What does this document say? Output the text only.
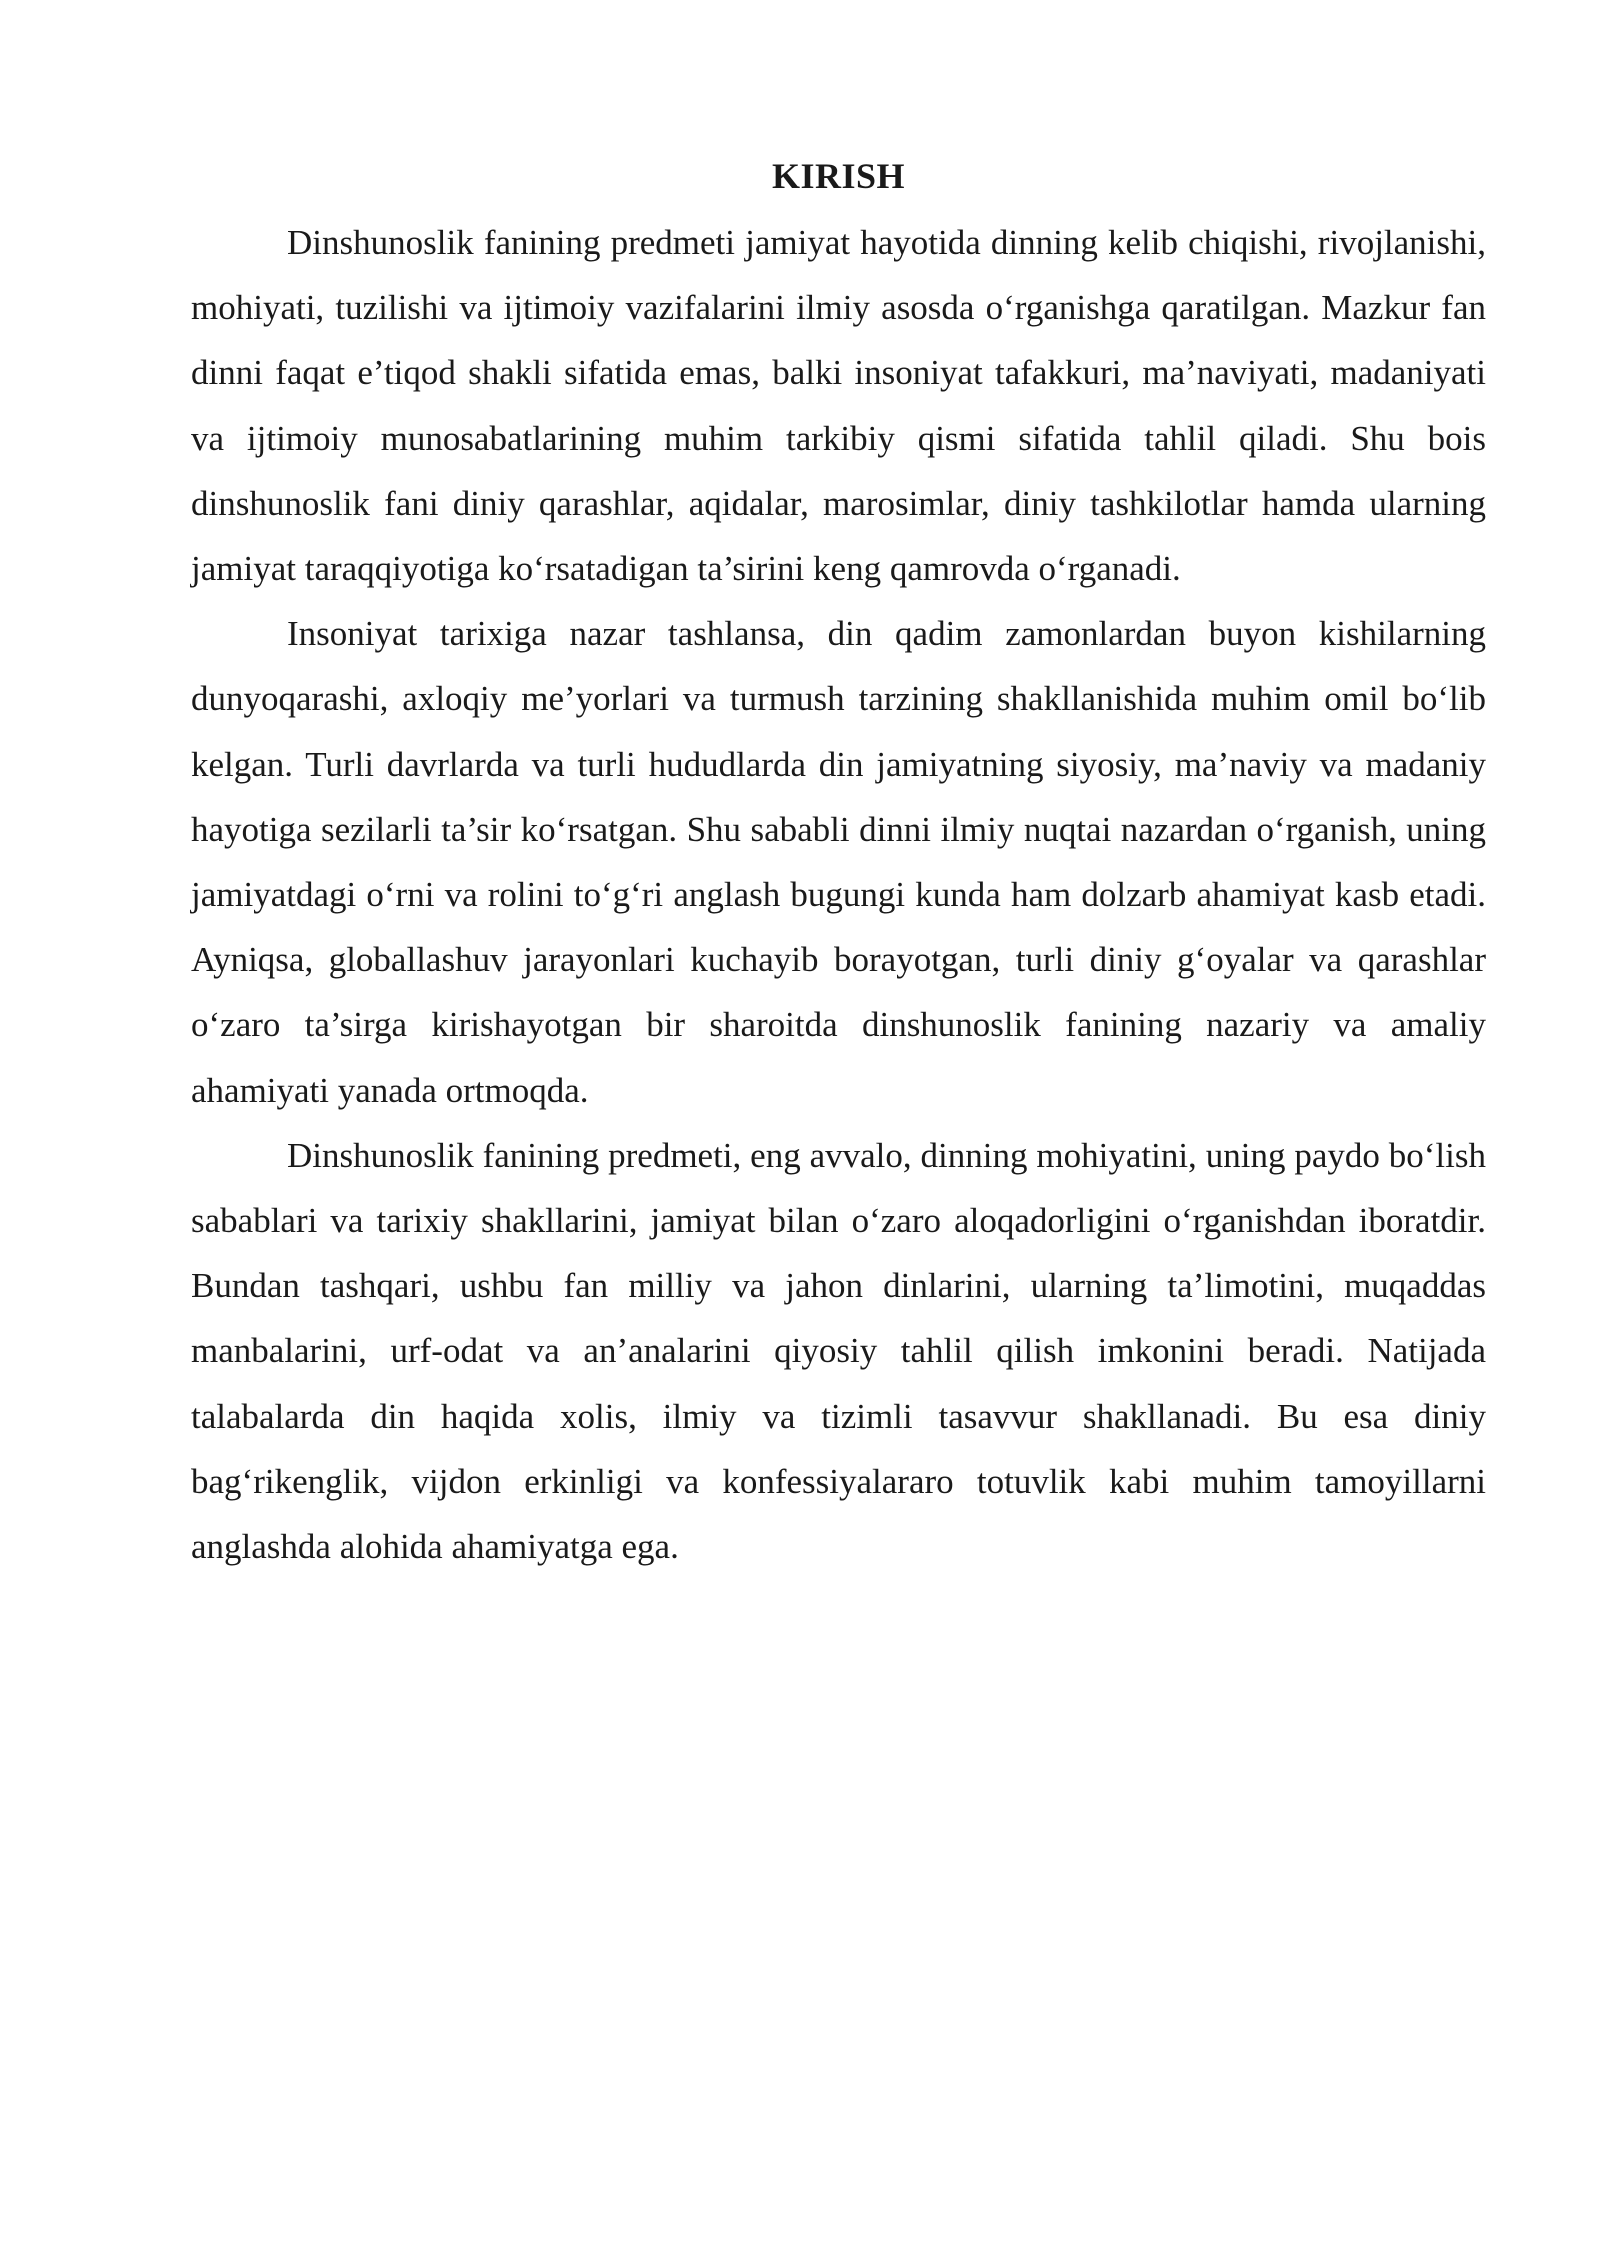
KIRISH

Dinshunoslik fanining predmeti jamiyat hayotida dinning kelib chiqishi, rivojlanishi, mohiyati, tuzilishi va ijtimoiy vazifalarini ilmiy asosda o‘rganishga qaratilgan. Mazkur fan dinni faqat e’tiqod shakli sifatida emas, balki insoniyat tafakkuri, ma’naviyati, madaniyati va ijtimoiy munosabatlarining muhim tarkibiy qismi sifatida tahlil qiladi. Shu bois dinshunoslik fani diniy qarashlar, aqidalar, marosimlar, diniy tashkilotlar hamda ularning jamiyat taraqqiyotiga ko‘rsatadigan ta’sirini keng qamrovda o‘rganadi.

Insoniyat tarixiga nazar tashlansa, din qadim zamonlardan buyon kishilarning dunyoqarashi, axloqiy me’yorlari va turmush tarzining shakllanishida muhim omil bo‘lib kelgan. Turli davrlarda va turli hududlarda din jamiyatning siyosiy, ma’naviy va madaniy hayotiga sezilarli ta’sir ko‘rsatgan. Shu sababli dinni ilmiy nuqtai nazardan o‘rganish, uning jamiyatdagi o‘rni va rolini to‘g‘ri anglash bugungi kunda ham dolzarb ahamiyat kasb etadi. Ayniqsa, globallashuv jarayonlari kuchayib borayotgan, turli diniy g‘oyalar va qarashlar o‘zaro ta’sirga kirishayotgan bir sharoitda dinshunoslik fanining nazariy va amaliy ahamiyati yanada ortmoqda.

Dinshunoslik fanining predmeti, eng avvalo, dinning mohiyatini, uning paydo bo‘lish sabablari va tarixiy shakllarini, jamiyat bilan o‘zaro aloqadorligini o‘rganishdan iboratdir. Bundan tashqari, ushbu fan milliy va jahon dinlarini, ularning ta’limotini, muqaddas manbalarini, urf-odat va an’analarini qiyosiy tahlil qilish imkonini beradi. Natijada talabalarda din haqida xolis, ilmiy va tizimli tasavvur shakllanadi. Bu esa diniy bag‘rikenglik, vijdon erkinligi va konfessiyalararo totuvlik kabi muhim tamoyillarni anglashda alohida ahamiyatga ega.
